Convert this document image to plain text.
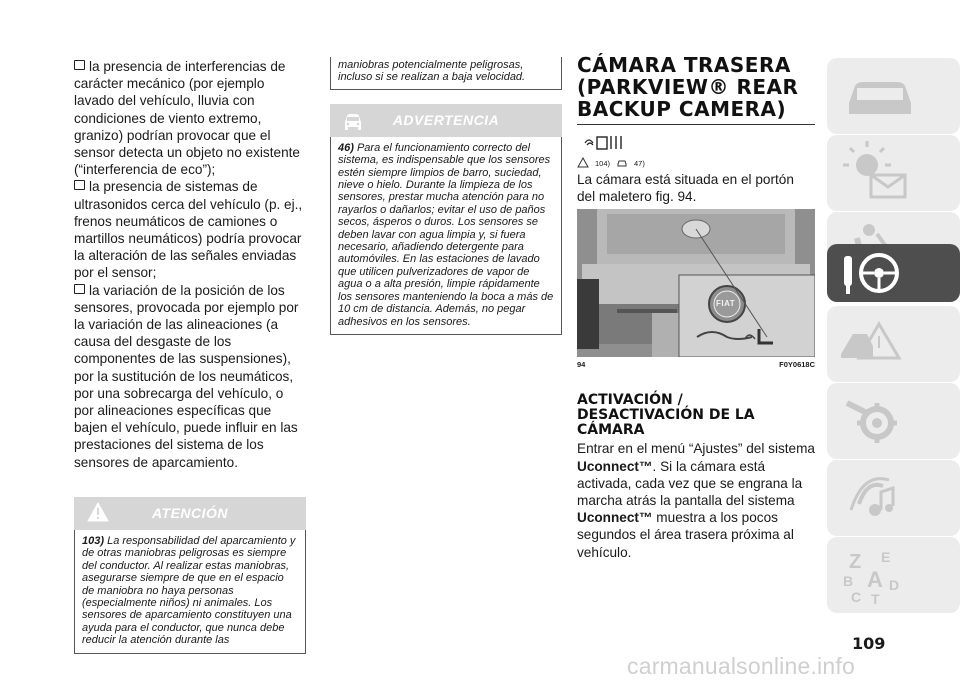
la presencia de interferencias de carácter mecánico (por ejemplo lavado del vehículo, lluvia con condiciones de viento extremo, granizo) podrían provocar que el sensor detecta un objeto no existente (“interferencia de eco”);

la presencia de sistemas de ultrasonidos cerca del vehículo (p. ej., frenos neumáticos de camiones o martillos neumáticos) podría provocar la alteración de las señales enviadas por el sensor;

la variación de la posición de los sensores, provocada por ejemplo por la variación de las alineaciones (a causa del desgaste de los componentes de las suspensiones), por la sustitución de los neumáticos, por una sobrecarga del vehículo, o por alineaciones específicas que bajen el vehículo, puede influir en las prestaciones del sistema de los sensores de aparcamiento.

ATENCIÓN
103) La responsabilidad del aparcamiento y de otras maniobras peligrosas es siempre del conductor. Al realizar estas maniobras, asegurarse siempre de que en el espacio de maniobra no haya personas (especialmente niños) ni animales. Los sensores de aparcamiento constituyen una ayuda para el conductor, que nunca debe reducir la atención durante las
maniobras potencialmente peligrosas, incluso si se realizan a baja velocidad.
ADVERTENCIA
46) Para el funcionamiento correcto del sistema, es indispensable que los sensores estén siempre limpios de barro, suciedad, nieve o hielo. Durante la limpieza de los sensores, prestar mucha atención para no rayarlos o dañarlos; evitar el uso de paños secos, ásperos o duros. Los sensores se deben lavar con agua limpia y, si fuera necesario, añadiendo detergente para automóviles. En las estaciones de lavado que utilicen pulverizadores de vapor de agua o a alta presión, limpie rápidamente los sensores manteniendo la boca a más de 10 cm de distancia. Además, no pegar adhesivos en los sensores.

CÁMARA TRASERA

(PARKVIEW® REAR

BACKUP CAMERA)

104)	47)

La cámara está situada en el portón del maletero fig. 94.

FIAT
94	F0Y0618C

ACTIVACIÓN /

DESACTIVACIÓN DE LA

CÁMARA

Entrar en el menú “Ajustes” del sistema Uconnect™. Si la cámara está activada, cada vez que se engrana la marcha atrás la pantalla del sistema Uconnect™ muestra a los pocos segundos el área trasera próxima al vehículo.	Z E
B A
C
D
T
109
carmanualsonline.info
